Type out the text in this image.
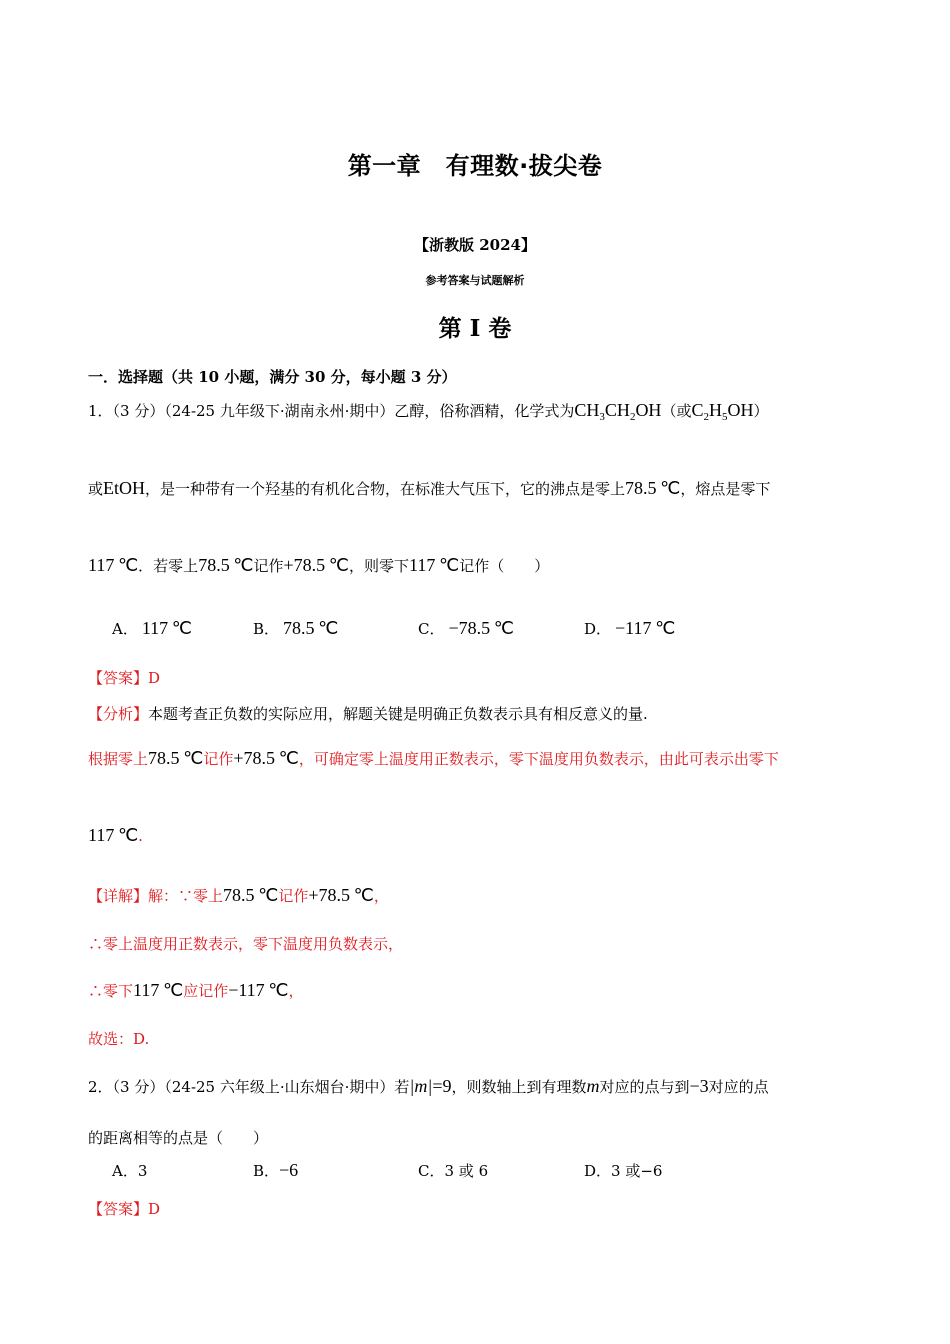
第一章　有理数·拔尖卷
【浙教版 2024】
参考答案与试题解析
第 I 卷
一．选择题（共 10 小题，满分 30 分，每小题 3 分）
1．（3 分）（24-25 九年级下·湖南永州·期中）乙醇，俗称酒精，化学式为$CH_3CH_2OH$（或$C_2H_5OH$）
或EtOH，是一种带有一个羟基的有机化合物，在标准大气压下，它的沸点是零上78.5  ℃，熔点是零下
117  ℃．若零上78.5  ℃记作+78.5  ℃，则零下117  ℃记作（　　）
A． 117  ℃	B． 78.5  ℃	C． −78.5  ℃	D． −117  ℃
【答案】D
【分析】本题考查正负数的实际应用，解题关键是明确正负数表示具有相反意义的量.
根据零上78.5  ℃记作+78.5  ℃，可确定零上温度用正数表示，零下温度用负数表示，由此可表示出零下
117  ℃.
【详解】解：∵零上78.5  ℃记作+78.5  ℃，
∴零上温度用正数表示，零下温度用负数表示，
∴零下117  ℃应记作−117  ℃，
故选：D.
2．（3 分）（24-25 六年级上·山东烟台·期中）若|m|=9，则数轴上到有理数m对应的点与到−3对应的点
的距离相等的点是（　　）
A．3	B．−6	C．3 或 6	D．3 或−6
【答案】D
